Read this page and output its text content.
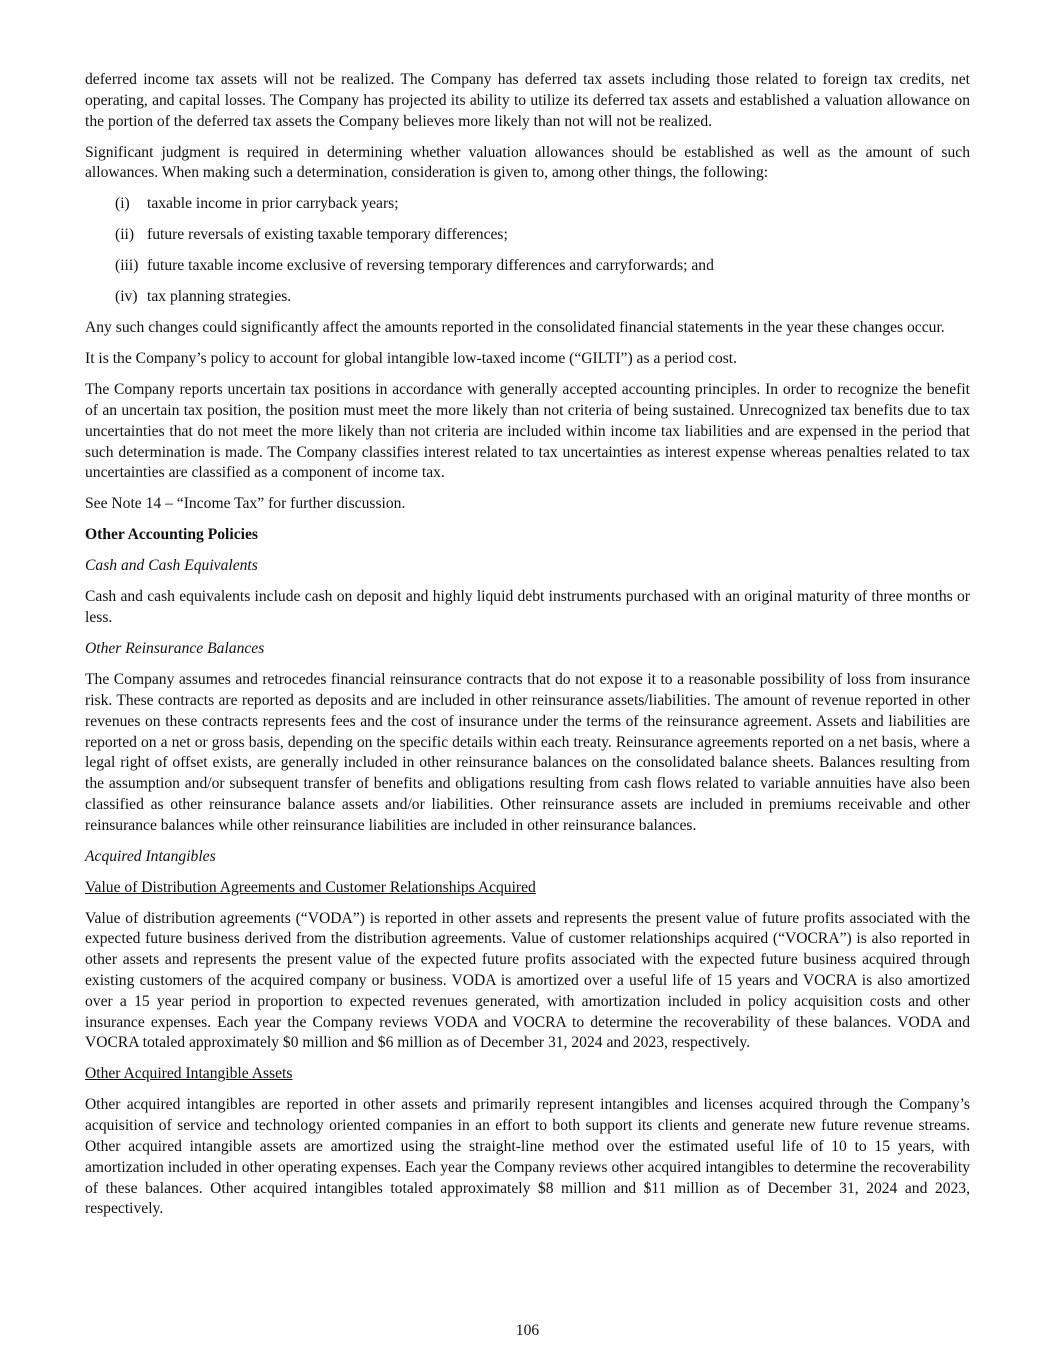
deferred income tax assets will not be realized. The Company has deferred tax assets including those related to foreign tax credits, net operating, and capital losses. The Company has projected its ability to utilize its deferred tax assets and established a valuation allowance on the portion of the deferred tax assets the Company believes more likely than not will not be realized.

Significant judgment is required in determining whether valuation allowances should be established as well as the amount of such allowances. When making such a determination, consideration is given to, among other things, the following:

(i)	taxable income in prior carryback years;
(ii) future reversals of existing taxable temporary differences;
(iii) future taxable income exclusive of reversing temporary differences and carryforwards; and
(iv) tax planning strategies.

Any such changes could significantly affect the amounts reported in the consolidated financial statements in the year these changes occur.

It is the Company’s policy to account for global intangible low-taxed income (“GILTI”) as a period cost.

The Company reports uncertain tax positions in accordance with generally accepted accounting principles. In order to recognize the benefit of an uncertain tax position, the position must meet the more likely than not criteria of being sustained. Unrecognized tax benefits due to tax uncertainties that do not meet the more likely than not criteria are included within income tax liabilities and are expensed in the period that such determination is made. The Company classifies interest related to tax uncertainties as interest expense whereas penalties related to tax uncertainties are classified as a component of income tax.

See Note 14 – “Income Tax” for further discussion.

Other Accounting Policies

Cash and Cash Equivalents

Cash and cash equivalents include cash on deposit and highly liquid debt instruments purchased with an original maturity of three months or less.

Other Reinsurance Balances

The Company assumes and retrocedes financial reinsurance contracts that do not expose it to a reasonable possibility of loss from insurance risk. These contracts are reported as deposits and are included in other reinsurance assets/liabilities. The amount of revenue reported in other revenues on these contracts represents fees and the cost of insurance under the terms of the reinsurance agreement. Assets and liabilities are reported on a net or gross basis, depending on the specific details within each treaty. Reinsurance agreements reported on a net basis, where a legal right of offset exists, are generally included in other reinsurance balances on the consolidated balance sheets. Balances resulting from the assumption and/or subsequent transfer of benefits and obligations resulting from cash flows related to variable annuities have also been classified as other reinsurance balance assets and/or liabilities. Other reinsurance assets are included in premiums receivable and other reinsurance balances while other reinsurance liabilities are included in other reinsurance balances.

Acquired Intangibles

Value of Distribution Agreements and Customer Relationships Acquired

Value of distribution agreements (“VODA”) is reported in other assets and represents the present value of future profits associated with the expected future business derived from the distribution agreements. Value of customer relationships acquired (“VOCRA”) is also reported in other assets and represents the present value of the expected future profits associated with the expected future business acquired through existing customers of the acquired company or business. VODA is amortized over a useful life of 15 years and VOCRA is also amortized over a 15 year period in proportion to expected revenues generated, with amortization included in policy acquisition costs and other insurance expenses. Each year the Company reviews VODA and VOCRA to determine the recoverability of these balances. VODA and VOCRA totaled approximately $0 million and $6 million as of December 31, 2024 and 2023, respectively.

Other Acquired Intangible Assets

Other acquired intangibles are reported in other assets and primarily represent intangibles and licenses acquired through the Company’s acquisition of service and technology oriented companies in an effort to both support its clients and generate new future revenue streams. Other acquired intangible assets are amortized using the straight-line method over the estimated useful life of 10 to 15 years, with amortization included in other operating expenses. Each year the Company reviews other acquired intangibles to determine the recoverability of these balances. Other acquired intangibles totaled approximately $8 million and $11 million as of December 31, 2024 and 2023, respectively.

106
